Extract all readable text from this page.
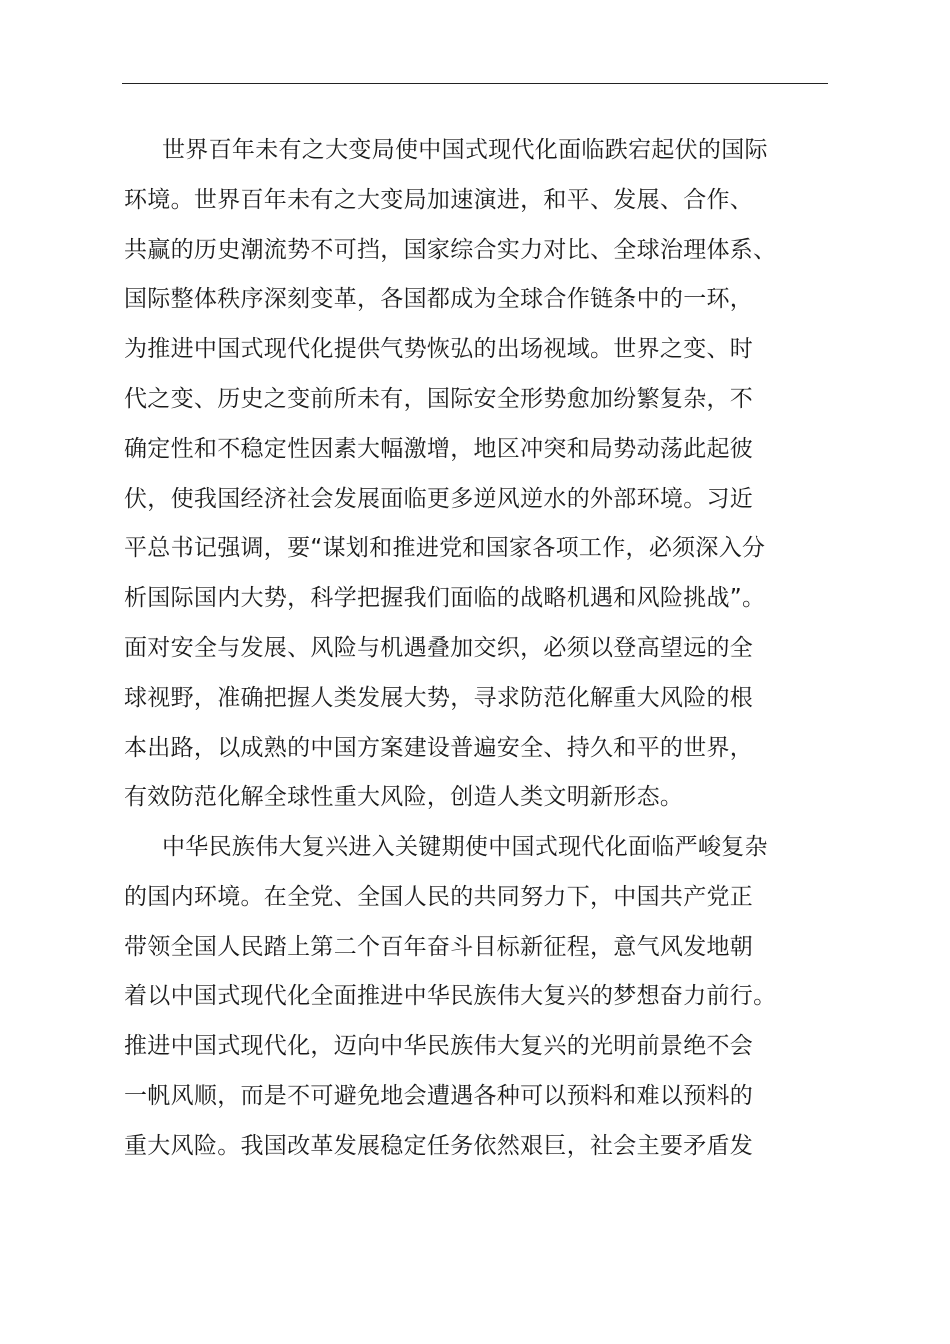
世界百年未有之大变局使中国式现代化面临跌宕起伏的国际
环境。世界百年未有之大变局加速演进，和平、发展、合作、
共赢的历史潮流势不可挡，国家综合实力对比、全球治理体系、
国际整体秩序深刻变革，各国都成为全球合作链条中的一环，
为推进中国式现代化提供气势恢弘的出场视域。世界之变、时
代之变、历史之变前所未有，国际安全形势愈加纷繁复杂，不
确定性和不稳定性因素大幅激增，地区冲突和局势动荡此起彼
伏，使我国经济社会发展面临更多逆风逆水的外部环境。习近
平总书记强调，要“谋划和推进党和国家各项工作，必须深入分
析国际国内大势，科学把握我们面临的战略机遇和风险挑战”。
面对安全与发展、风险与机遇叠加交织，必须以登高望远的全
球视野，准确把握人类发展大势，寻求防范化解重大风险的根
本出路，以成熟的中国方案建设普遍安全、持久和平的世界，
有效防范化解全球性重大风险，创造人类文明新形态。
中华民族伟大复兴进入关键期使中国式现代化面临严峻复杂
的国内环境。在全党、全国人民的共同努力下，中国共产党正
带领全国人民踏上第二个百年奋斗目标新征程，意气风发地朝
着以中国式现代化全面推进中华民族伟大复兴的梦想奋力前行。
推进中国式现代化，迈向中华民族伟大复兴的光明前景绝不会
一帆风顺，而是不可避免地会遭遇各种可以预料和难以预料的
重大风险。我国改革发展稳定任务依然艰巨，社会主要矛盾发
